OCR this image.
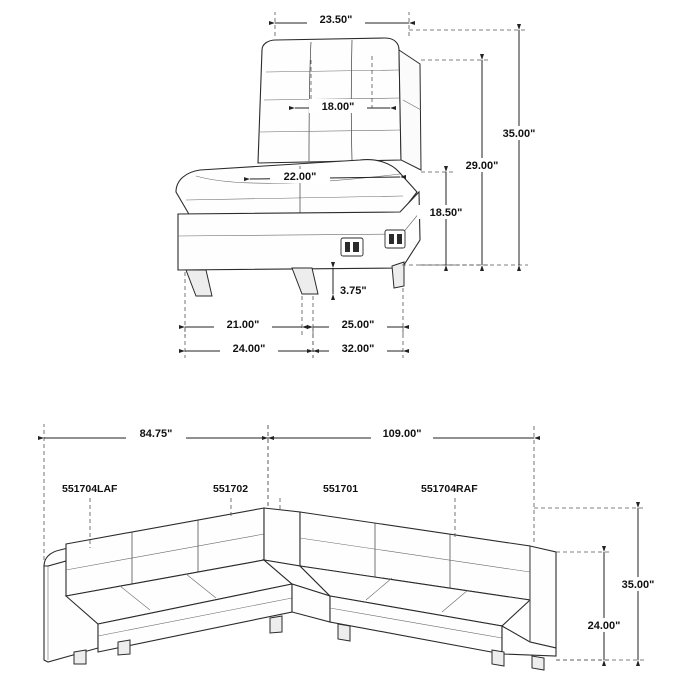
23.50"
18.00"
22.00"
35.00"
29.00"
18.50"
3.75"
21.00"	25.00"
24.00"	32.00"
84.75"	109.00"
551704LAF	551702	551701	551704RAF
35.00"
24.00"
